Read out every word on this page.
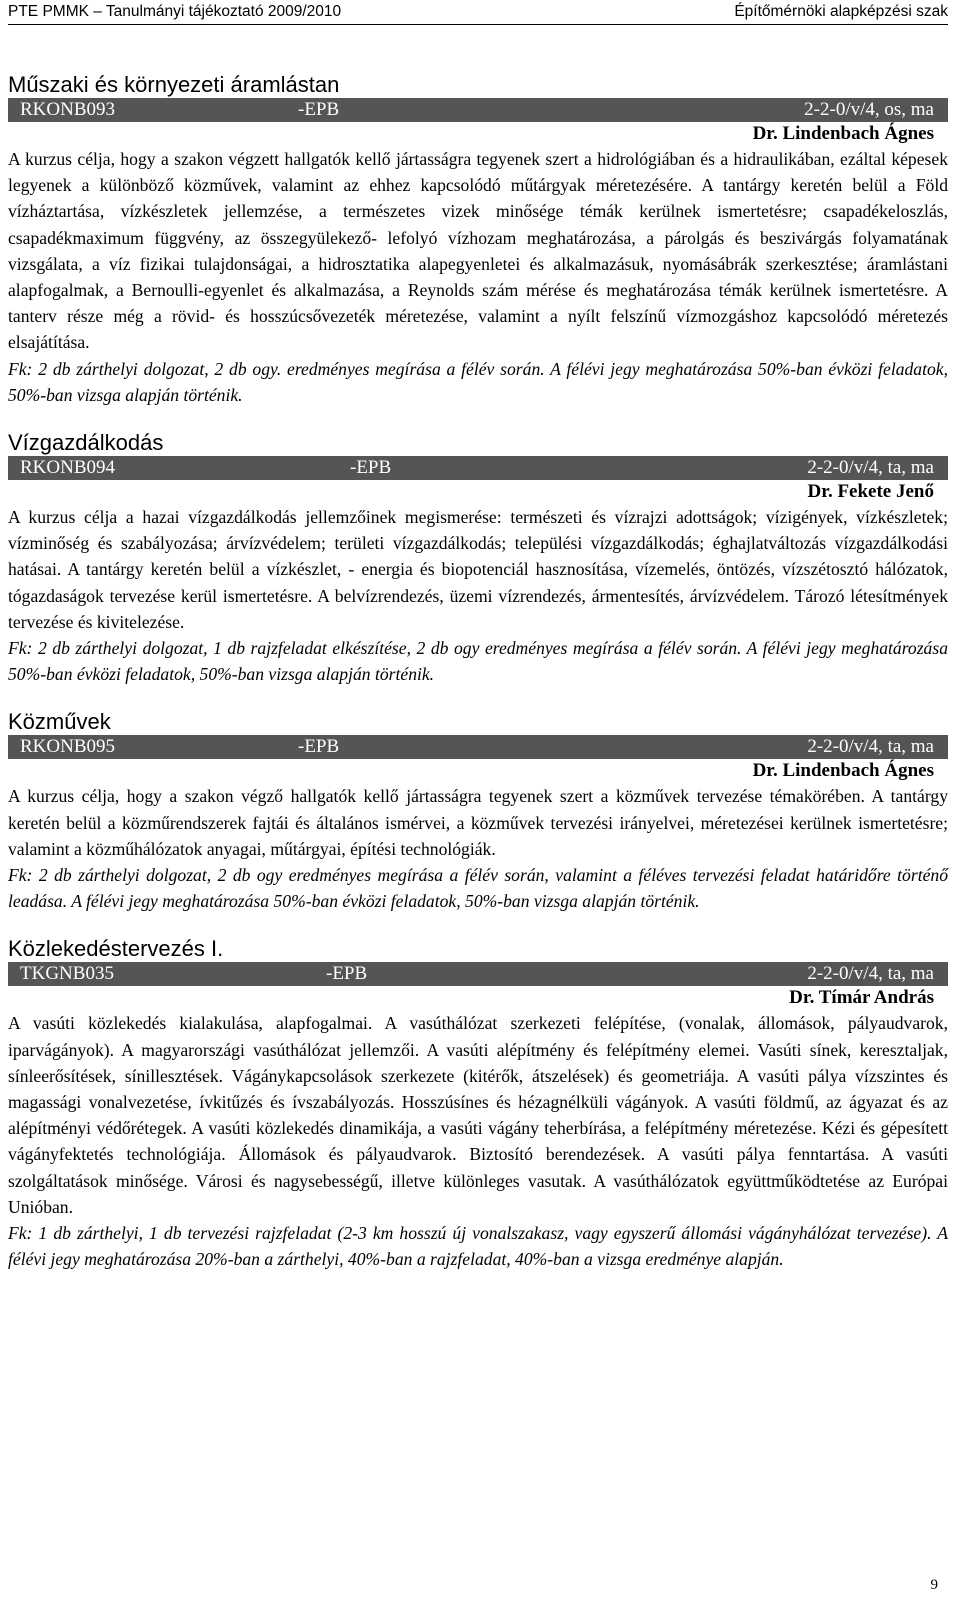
PTE PMMK – Tanulmányi tájékoztató 2009/2010	Építőmérnöki alapképzési szak
Műszaki és környezeti áramlástan
RKONB093	-EPB	2-2-0/v/4, os, ma
Dr. Lindenbach Ágnes

A kurzus célja, hogy a szakon végzett hallgatók kellő jártasságra tegyenek szert a hidrológiában és a hidraulikában, ezáltal képesek legyenek a különböző közművek, valamint az ehhez kapcsolódó műtárgyak méretezésére. A tantárgy keretén belül a Föld vízháztartása, vízkészletek jellemzése, a természetes vizek minősége témák kerülnek ismertetésre; csapadékeloszlás, csapadékmaximum függvény, az összegyülekező- lefolyó vízhozam meghatározása, a párolgás és beszivárgás folyamatának vizsgálata, a víz fizikai tulajdonságai, a hidrosztatika alapegyenletei és alkalmazásuk, nyomásábrák szerkesztése; áramlástani alapfogalmak, a Bernoulli-egyenlet és alkalmazása, a Reynolds szám mérése és meghatározása témák kerülnek ismertetésre. A tanterv része még a rövid- és hosszúcsővezeték méretezése, valamint a nyílt felszínű vízmozgáshoz kapcsolódó méretezés elsajátítása.

Fk: 2 db zárthelyi dolgozat, 2 db ogy. eredményes megírása a félév során. A félévi jegy meghatározása 50%-ban évközi feladatok, 50%-ban vizsga alapján történik.

Vízgazdálkodás
RKONB094	-EPB	2-2-0/v/4, ta, ma
Dr. Fekete Jenő

A kurzus célja a hazai vízgazdálkodás jellemzőinek megismerése: természeti és vízrajzi adottságok; vízigények, vízkészletek; vízminőség és szabályozása; árvízvédelem; területi vízgazdálkodás; települési vízgazdálkodás; éghajlatváltozás vízgazdálkodási hatásai. A tantárgy keretén belül a vízkészlet, - energia és biopotenciál hasznosítása, vízemelés, öntözés, vízszétosztó hálózatok, tógazdaságok tervezése kerül ismertetésre. A belvízrendezés, üzemi vízrendezés, ármentesítés, árvízvédelem. Tározó létesítmények tervezése és kivitelezése.

Fk: 2 db zárthelyi dolgozat, 1 db rajzfeladat elkészítése, 2 db ogy eredményes megírása a félév során. A félévi jegy meghatározása 50%-ban évközi feladatok, 50%-ban vizsga alapján történik.

Közművek
RKONB095	-EPB	2-2-0/v/4, ta, ma
Dr. Lindenbach Ágnes

A kurzus célja, hogy a szakon végző hallgatók kellő jártasságra tegyenek szert a közművek tervezése témakörében. A tantárgy keretén belül a közműrendszerek fajtái és általános ismérvei, a közművek tervezési irányelvei, méretezései kerülnek ismertetésre; valamint a közműhálózatok anyagai, műtárgyai, építési technológiák.

Fk: 2 db zárthelyi dolgozat, 2 db ogy eredményes megírása a félév során, valamint a féléves tervezési feladat határidőre történő leadása. A félévi jegy meghatározása 50%-ban évközi feladatok, 50%-ban vizsga alapján történik.

Közlekedéstervezés I.
TKGNB035	-EPB	2-2-0/v/4, ta, ma
Dr. Tímár András

A vasúti közlekedés kialakulása, alapfogalmai. A vasúthálózat szerkezeti felépítése, (vonalak, állomások, pályaudvarok, iparvágányok). A magyarországi vasúthálózat jellemzői. A vasúti alépítmény és felépítmény elemei. Vasúti sínek, keresztaljak, sínleerősítések, sínillesztések. Vágánykapcsolások szerkezete (kitérők, átszelések) és geometriája. A vasúti pálya vízszintes és magassági vonalvezetése, ívkitűzés és ívszabályozás. Hosszúsínes és hézagnélküli vágányok. A vasúti földmű, az ágyazat és az alépítményi védőrétegek. A vasúti közlekedés dinamikája, a vasúti vágány teherbírása, a felépítmény méretezése. Kézi és gépesített vágányfektetés technológiája. Állomások és pályaudvarok. Biztosító berendezések. A vasúti pálya fenntartása. A vasúti szolgáltatások minősége. Városi és nagysebességű, illetve különleges vasutak. A vasúthálózatok együttműködtetése az Európai Unióban.

Fk: 1 db zárthelyi, 1 db tervezési rajzfeladat (2-3 km hosszú új vonalszakasz, vagy egyszerű állomási vágányhálózat tervezése). A félévi jegy meghatározása 20%-ban a zárthelyi, 40%-ban a rajzfeladat, 40%-ban a vizsga eredménye alapján.

9
